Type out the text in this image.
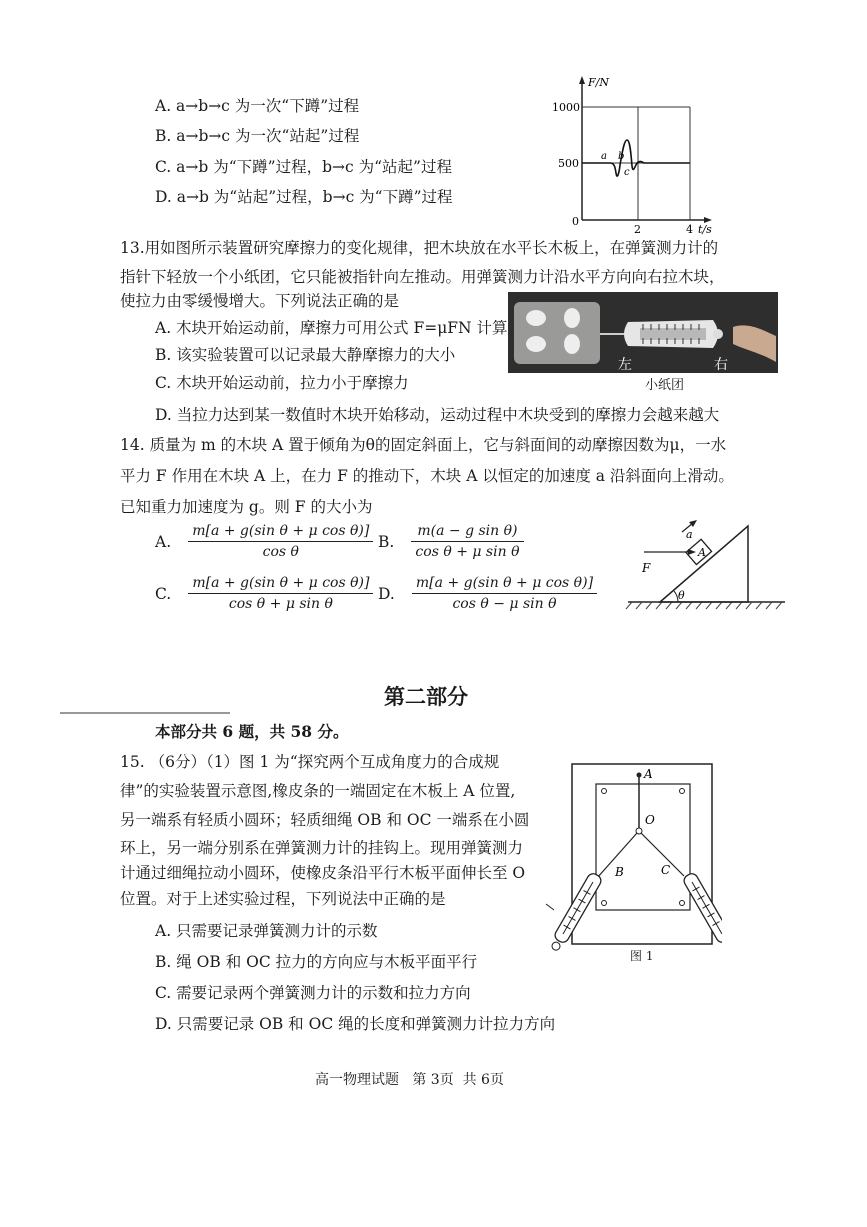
A. a→b→c 为一次“下蹲”过程
B. a→b→c 为一次“站起”过程
C. a→b 为“下蹲”过程，b→c 为“站起”过程
D. a→b 为“站起”过程，b→c 为“下蹲”过程
F/N
t/s
1000
500
0
2	4
a b
c
13.用如图所示装置研究摩擦力的变化规律，把木块放在水平长木板上，在弹簧测力计的
指针下轻放一个小纸团，它只能被指针向左推动。用弹簧测力计沿水平方向向右拉木块，
使拉力由零缓慢增大。下列说法正确的是
A. 木块开始运动前，摩擦力可用公式 F=μFN 计算
B. 该实验装置可以记录最大静摩擦力的大小
C. 木块开始运动前，拉力小于摩擦力
D. 当拉力达到某一数值时木块开始移动，运动过程中木块受到的摩擦力会越来越大
左	右
小纸团
14. 质量为 m 的木块 A 置于倾角为θ的固定斜面上，它与斜面间的动摩擦因数为μ，一水
平力 F 作用在木块 A 上，在力 F 的推动下，木块 A 以恒定的加速度 a 沿斜面向上滑动。
已知重力加速度为 g。则 F 的大小为
A. $\frac{\text{m[a + g(sin θ + μ cos θ)]}}{\text{cos θ}} B$. $\frac{\text{m(a − g sin θ)}}{\text{cos θ + μ sin θ}}$
C. $\frac{\text{m[a + g(sin θ + μ cos θ)]}}{\text{cos θ + μ sin θ}} D$. $\frac{\text{m[a + g(sin θ + μ cos θ)]}}{\text{cos θ − μ sin θ}}$	θ
A
F
a
第二部分
本部分共 6 题，共 58 分。
15. （6分）（1）图 1 为“探究两个互成角度力的合成规
律”的实验装置示意图,橡皮条的一端固定在木板上 A 位置,
另一端系有轻质小圆环；轻质细绳 OB 和 OC 一端系在小圆
环上，另一端分别系在弹簧测力计的挂钩上。现用弹簧测力
计通过细绳拉动小圆环，使橡皮条沿平行木板平面伸长至 O
位置。对于上述实验过程，下列说法中正确的是
A. 只需要记录弹簧测力计的示数
B. 绳 OB 和 OC 拉力的方向应与木板平面平行
C. 需要记录两个弹簧测力计的示数和拉力方向
D. 只需要记录 OB 和 OC 绳的长度和弹簧测力计拉力方向
A
O
B	C
图 1
高一物理试题   第 3页  共 6页
